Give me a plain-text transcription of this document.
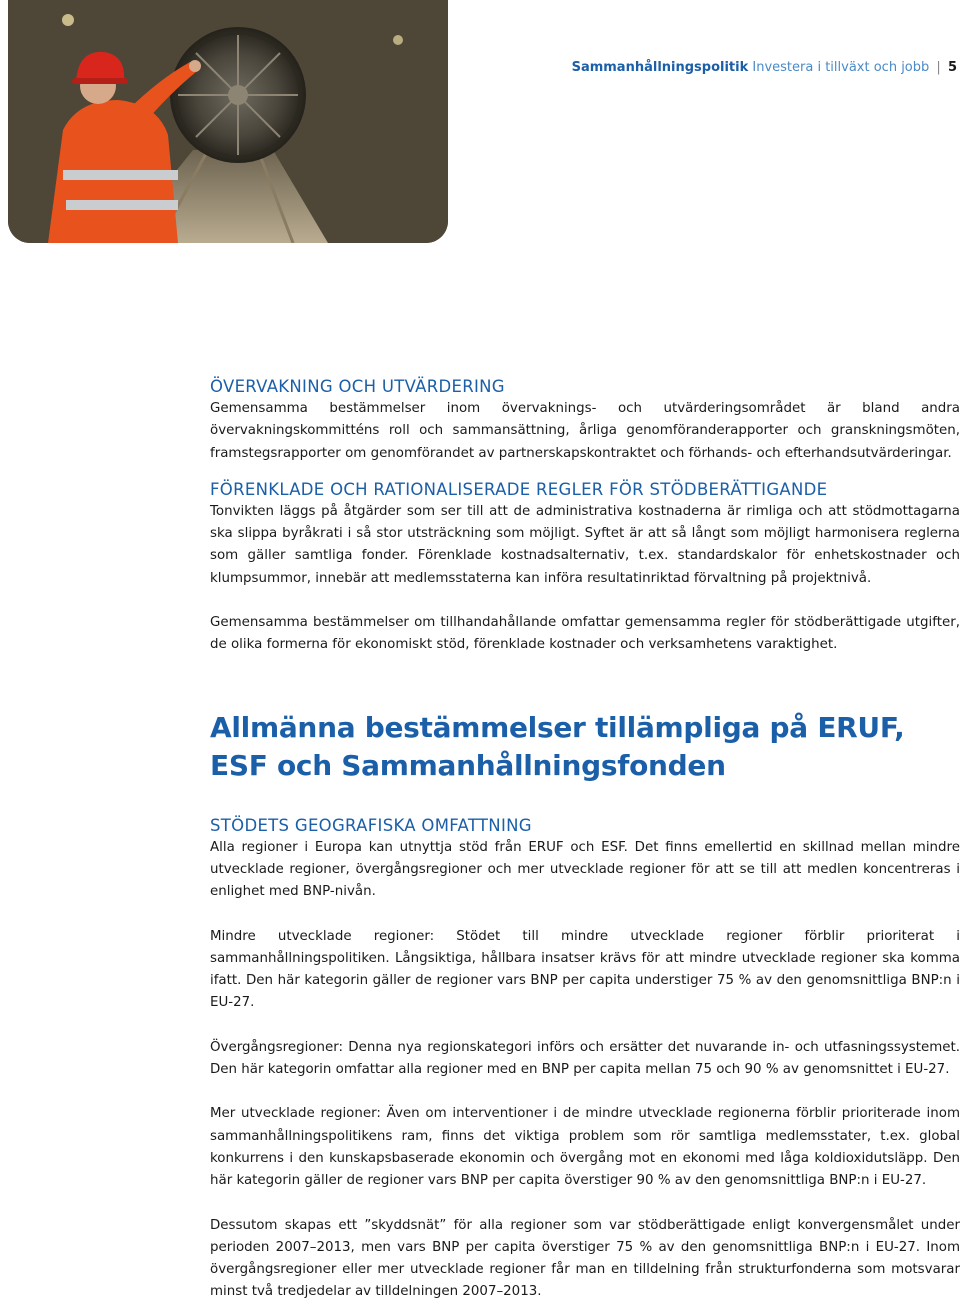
Sammanhållningspolitik Investera i tillväxt och jobb | 5
ÖVERVAKNING OCH UTVÄRDERING

Gemensamma bestämmelser inom övervaknings- och utvärderingsområdet är bland andra övervakningskommitténs roll och sammansättning, årliga genomföranderapporter och granskningsmöten, framstegsrapporter om genomförandet av partnerskapskontraktet och förhands- och efterhandsutvärderingar.

FÖRENKLADE OCH RATIONALISERADE REGLER FÖR STÖDBERÄTTIGANDE

Tonvikten läggs på åtgärder som ser till att de administrativa kostnaderna är rimliga och att stödmottagarna ska slippa byråkrati i så stor utsträckning som möjligt. Syftet är att så långt som möjligt harmonisera reglerna som gäller samtliga fonder. Förenklade kostnadsalternativ, t.ex. standardskalor för enhetskostnader och klumpsummor, innebär att medlemsstaterna kan införa resultatinriktad förvaltning på projektnivå.

Gemensamma bestämmelser om tillhandahållande omfattar gemensamma regler för stödberättigade utgifter, de olika formerna för ekonomiskt stöd, förenklade kostnader och verksamhetens varaktighet.

Allmänna bestämmelser tillämpliga på ERUF,
ESF och Sammanhållningsfonden
STÖDETS GEOGRAFISKA OMFATTNING

Alla regioner i Europa kan utnyttja stöd från ERUF och ESF. Det finns emellertid en skillnad mellan mindre utvecklade regioner, övergångsregioner och mer utvecklade regioner för att se till att medlen koncentreras i enlighet med BNP-nivån.

Mindre utvecklade regioner: Stödet till mindre utvecklade regioner förblir prioriterat i sammanhållningspolitiken. Långsiktiga, hållbara insatser krävs för att mindre utvecklade regioner ska komma ifatt. Den här kategorin gäller de regioner vars BNP per capita understiger 75 % av den genomsnittliga BNP:n i EU-27.

Övergångsregioner: Denna nya regionskategori införs och ersätter det nuvarande in- och utfasningssystemet. Den här kategorin omfattar alla regioner med en BNP per capita mellan 75 och 90 % av genomsnittet i EU-27.

Mer utvecklade regioner: Även om interventioner i de mindre utvecklade regionerna förblir prioriterade inom sammanhållningspolitikens ram, finns det viktiga problem som rör samtliga medlemsstater, t.ex. global konkurrens i den kunskapsbaserade ekonomin och övergång mot en ekonomi med låga koldioxidutsläpp. Den här kategorin gäller de regioner vars BNP per capita överstiger 90 % av den genomsnittliga BNP:n i EU-27.

Dessutom skapas ett ”skyddsnät” för alla regioner som var stödberättigade enligt konvergensmålet under perioden 2007–2013, men vars BNP per capita överstiger 75 % av den genomsnittliga BNP:n i EU-27. Inom övergångsregioner eller mer utvecklade regioner får man en tilldelning från strukturfonderna som motsvarar minst två tredjedelar av tilldelningen 2007–2013.
